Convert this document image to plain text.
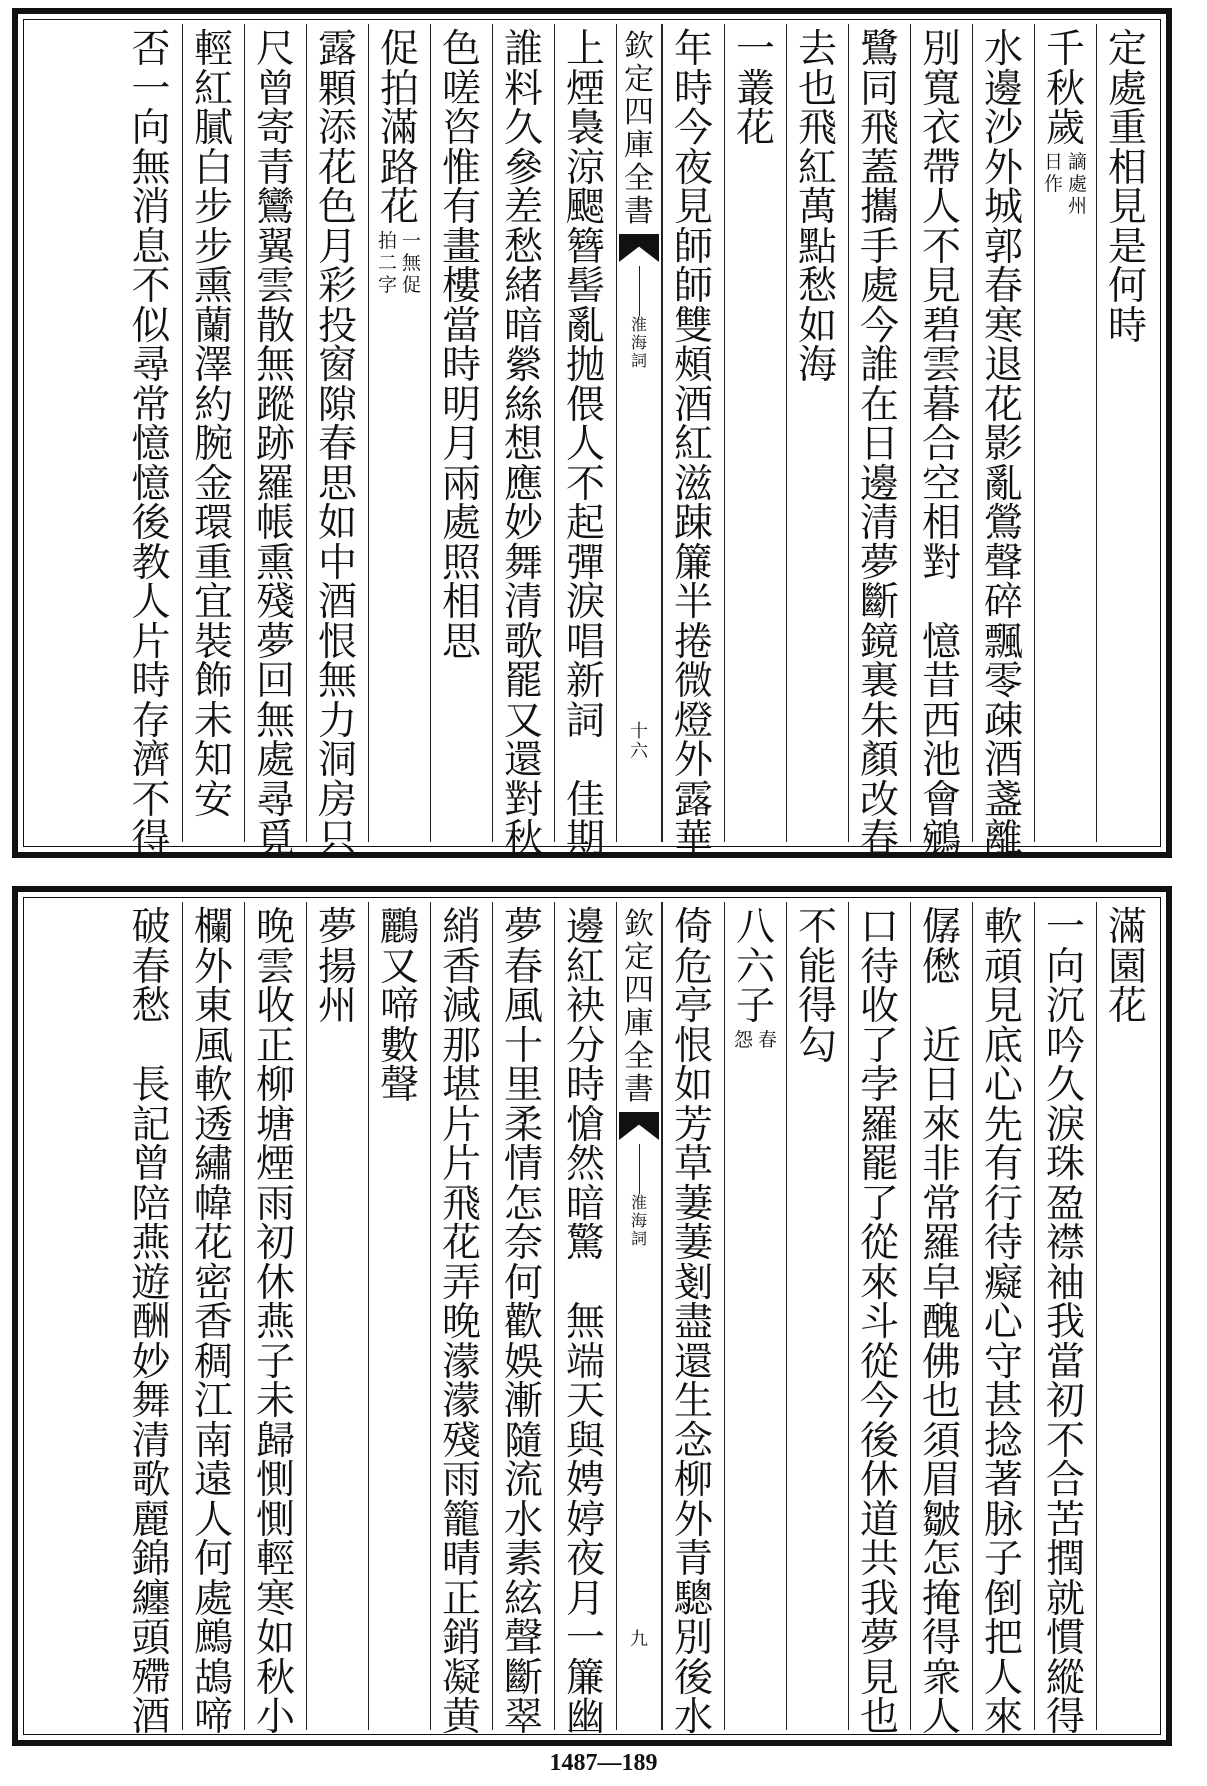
定
處
重
相
見
是
何
時
千
秋
歲
謫
處
州
日
作
水
邊
沙
外
城
郭
春
寒
退
花
影
亂
鶯
聲
碎
飄
零
疎
酒
盞
離
別
寬
衣
帶
人
不
見
碧
雲
暮
合
空
相
對

憶
昔
西
池
會
鵷
鷺
同
飛
蓋
攜
手
處
今
誰
在
日
邊
清
夢
斷
鏡
裏
朱
顏
改
春
去
也
飛
紅
萬
點
愁
如
海
一
叢
花
年
時
今
夜
見
師
師
雙
頰
酒
紅
滋
踈
簾
半
捲
微
燈
外
露
華
欽
定
四
庫
全
書
淮
海
詞
十
六
上
煙
裊
涼
颸
簪
髻
亂
抛
偎
人
不
起
彈
淚
唱
新
詞

佳
期
誰
料
久
參
差
愁
緒
暗
縈
絲
想
應
妙
舞
清
歌
罷
又
還
對
秋
色
嗟
咨
惟
有
畫
樓
當
時
明
月
兩
處
照
相
思
促
拍
滿
路
花
一
無
促
拍
二
字
露
顆
添
花
色
月
彩
投
窗
隙
春
思
如
中
酒
恨
無
力
洞
房
只
尺
曾
寄
青
鸞
翼
雲
散
無
蹤
跡
羅
帳
熏
殘
夢
回
無
處
尋
覓
輕
紅
膩
白
步
步
熏
蘭
澤
約
腕
金
環
重
宜
裝
飾
未
知
安
否
一
向
無
消
息
不
似
尋
常
憶
憶
後
教
人
片
時
存
濟
不
得
滿
園
花
一
向
沉
吟
久
淚
珠
盈
襟
袖
我
當
初
不
合
苦
撋
就
慣
縱
得
軟
頑
見
底
心
先
有
行
待
癡
心
守
甚
捻
著
脉
子
倒
把
人
來
僝
僽

近
日
來
非
常
羅
皁
醜
佛
也
須
眉
皺
怎
掩
得
衆
人
口
待
收
了
孛
羅
罷
了
從
來
斗
從
今
後
休
道
共
我
夢
見
也
不
能
得
勾
八
六
子
春
怨
倚
危
亭
恨
如
芳
草
萋
萋
剗
盡
還
生
念
柳
外
青
驄
別
後
水
欽
定
四
庫
全
書
淮
海
詞
九
邊
紅
袂
分
時
愴
然
暗
驚

無
端
天
與
娉
婷
夜
月
一
簾
幽
夢
春
風
十
里
柔
情
怎
奈
何
歡
娛
漸
隨
流
水
素
絃
聲
斷
翠
綃
香
減
那
堪
片
片
飛
花
弄
晚
濛
濛
殘
雨
籠
晴
正
銷
凝
黄
鸝
又
啼
數
聲
夢
揚
州
晚
雲
收
正
柳
塘
煙
雨
初
休
燕
子
未
歸
惻
惻
輕
寒
如
秋
小
欄
外
東
風
軟
透
繡
幃
花
密
香
稠
江
南
遠
人
何
處
鷓
鴣
啼
破
春
愁

長
記
曾
陪
燕
遊
酬
妙
舞
清
歌
麗
錦
纏
頭
殢
酒
1487—189
